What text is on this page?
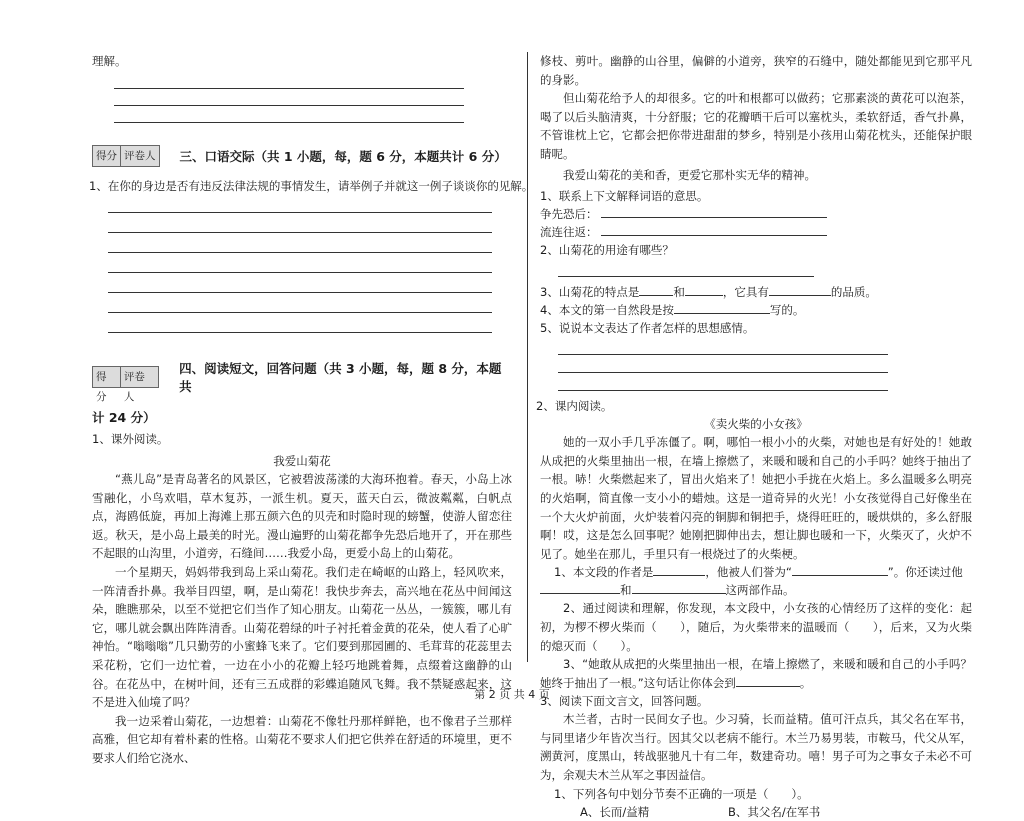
理解。

得分 评卷人 三、口语交际（共 1 小题，每，题 6 分，本题共计 6 分）

1、在你的身边是否有违反法律法规的事情发生，请举例子并就这一例子谈谈你的见解。

得分
评卷人
四、阅读短文，回答问题（共 3 小题，每，题 8 分，本题共

计 24 分）

1、课外阅读。

我爱山菊花

“燕儿岛”是青岛著名的风景区，它被碧波荡漾的大海环抱着。春天，小岛上冰雪融化，小鸟欢唱，草木复苏，一派生机。夏天，蓝天白云，微波粼粼，白帆点点，海鸥低旋，再加上海滩上那五颜六色的贝壳和时隐时现的螃蟹，使游人留恋往返。秋天，是小岛上最美的时光。漫山遍野的山菊花都争先恐后地开了，开在那些不起眼的山沟里，小道旁，石缝间……我爱小岛，更爱小岛上的山菊花。

一个星期天，妈妈带我到岛上采山菊花。我们走在崎岖的山路上，轻风吹来，一阵清香扑鼻。我举目四望，啊，是山菊花！我快步奔去，高兴地在花丛中间闻这朵，瞧瞧那朵，以至不觉把它们当作了知心朋友。山菊花一丛丛，一簇簇，哪儿有它，哪儿就会飘出阵阵清香。山菊花碧绿的叶子衬托着金黄的花朵，使人看了心旷神怡。“嗡嗡嗡”几只勤劳的小蜜蜂飞来了。它们要到那园圃的、毛茸茸的花蕊里去采花粉，它们一边忙着，一边在小小的花瓣上轻巧地跳着舞，点缀着这幽静的山谷。在花丛中，在树叶间，还有三五成群的彩蝶追随风飞舞。我不禁疑惑起来，这不是进入仙境了吗？

我一边采着山菊花，一边想着：山菊花不像牡丹那样鲜艳，也不像君子兰那样高雅，但它却有着朴素的性格。山菊花不要求人们把它供养在舒适的环境里，更不要求人们给它浇水、

修枝、剪叶。幽静的山谷里，偏僻的小道旁，狭窄的石缝中，随处都能见到它那平凡的身影。

但山菊花给予人的却很多。它的叶和根都可以做药；它那素淡的黄花可以泡茶，喝了以后头脑清爽，十分舒服；它的花瓣晒干后可以塞枕头，柔软舒适，香气扑鼻，不管谁枕上它，它都会把你带进甜甜的梦乡，特别是小孩用山菊花枕头，还能保护眼睛呢。

我爱山菊花的美和香，更爱它那朴实无华的精神。

1、联系上下文解释词语的意思。

争先恐后：

流连往返：

2、山菊花的用途有哪些？

3、山菊花的特点是	和	，它具有	的品质。

4、本文的第一自然段是按	写的。

5、说说本文表达了作者怎样的思想感情。

2、课内阅读。

《卖火柴的小女孩》

她的一双小手几乎冻僵了。啊，哪怕一根小小的火柴，对她也是有好处的！她敢从成把的火柴里抽出一根，在墙上擦燃了，来暖和暖和自己的小手吗？她终于抽出了一根。哧！火柴燃起来了，冒出火焰来了！她把小手拢在火焰上。多么温暖多么明亮的火焰啊，简直像一支小小的蜡烛。这是一道奇异的火光！小女孩觉得自己好像坐在一个大火炉前面，火炉装着闪亮的铜脚和铜把手，烧得旺旺的，暖烘烘的，多么舒服啊！哎，这是怎么回事呢？她刚把脚伸出去，想让脚也暖和一下，火柴灭了，火炉不见了。她坐在那儿，手里只有一根烧过了的火柴梗。

1、本文段的作者是	，他被人们誉为“	”。你还读过他

和	这两部作品。

2、通过阅读和理解，你发现，本文段中，小女孩的心情经历了这样的变化：起初，为椤不椤火柴而（　　），随后，为火柴带来的温暖而（　　），后来，又为火柴的熄灭而（　　）。

3、“她敢从成把的火柴里抽出一根，在墙上擦燃了，来暖和暖和自己的小手吗？她终于抽出了一根。”这句话让你体会到	。

3、阅读下面文言文，回答问题。

木兰者，古时一民间女子也。少习骑，长而益精。值可汗点兵，其父名在军书，与同里诸少年皆次当行。因其父以老病不能行。木兰乃易男装，市鞍马，代父从军，溯黄河，度黑山，转战驱驰凡十有二年，数建奇功。嘻！男子可为之事女子未必不可为，余观夫木兰从军之事因益信。

1、下列各句中划分节奏不正确的一项是（　　）。

A、长而/益精	B、其父名/在军书

第 2 页 共 4 页
